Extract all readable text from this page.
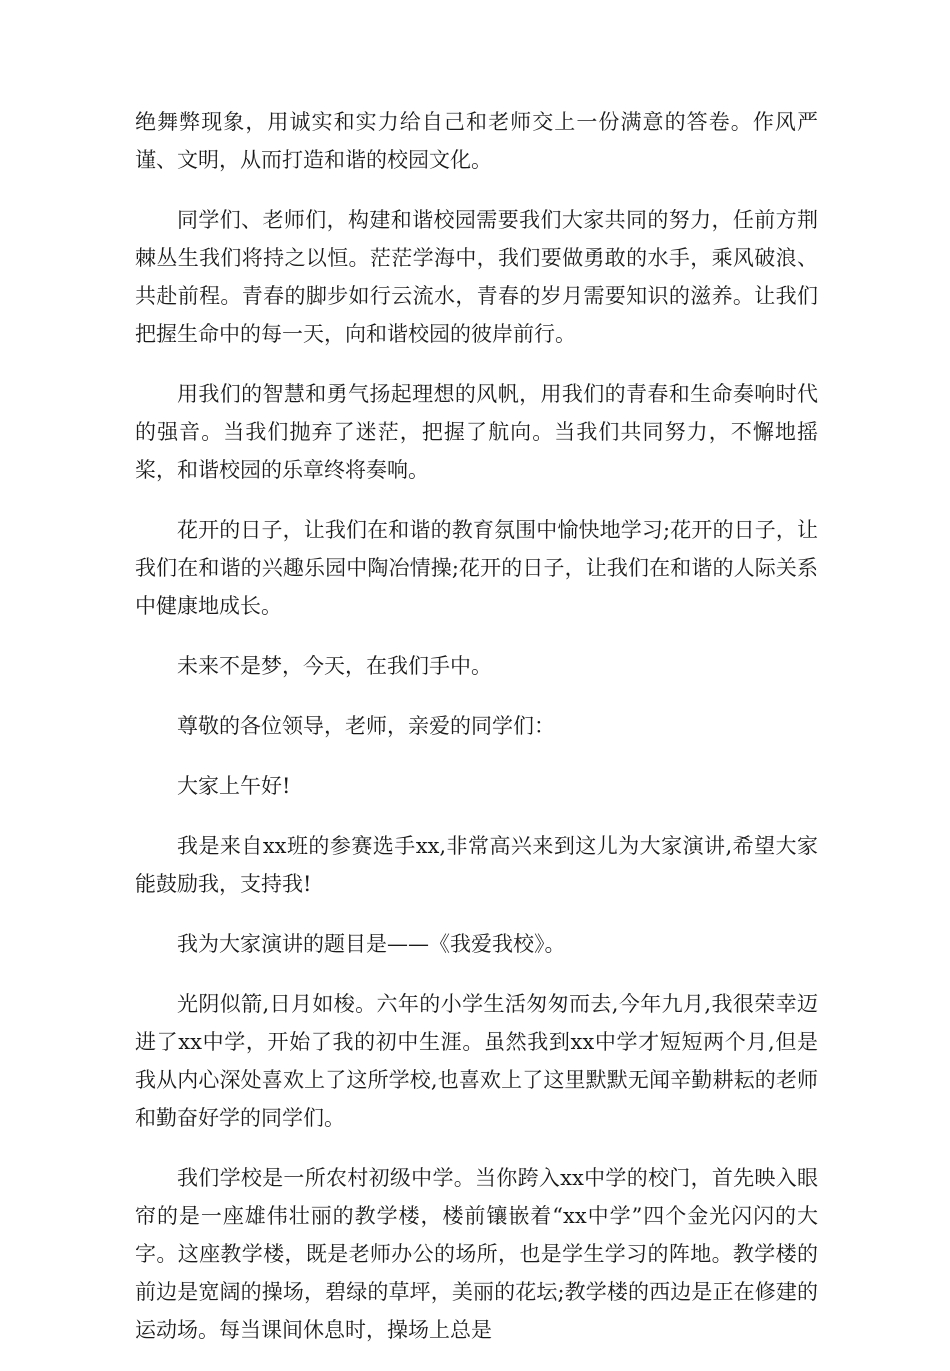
绝舞弊现象，用诚实和实力给自己和老师交上一份满意的答卷。作风严谨、文明，从而打造和谐的校园文化。

同学们、老师们，构建和谐校园需要我们大家共同的努力，任前方荆棘丛生我们将持之以恒。茫茫学海中，我们要做勇敢的水手，乘风破浪、共赴前程。青春的脚步如行云流水，青春的岁月需要知识的滋养。让我们把握生命中的每一天，向和谐校园的彼岸前行。

用我们的智慧和勇气扬起理想的风帆，用我们的青春和生命奏响时代的强音。当我们抛弃了迷茫，把握了航向。当我们共同努力，不懈地摇桨，和谐校园的乐章终将奏响。

花开的日子，让我们在和谐的教育氛围中愉快地学习;花开的日子，让我们在和谐的兴趣乐园中陶冶情操;花开的日子，让我们在和谐的人际关系中健康地成长。

未来不是梦，今天，在我们手中。

尊敬的各位领导，老师，亲爱的同学们：

大家上午好!

我是来自xx班的参赛选手xx,非常高兴来到这儿为大家演讲,希望大家能鼓励我，支持我!

我为大家演讲的题目是——《我爱我校》。

光阴似箭,日月如梭。六年的小学生活匆匆而去,今年九月,我很荣幸迈进了xx中学，开始了我的初中生涯。虽然我到xx中学才短短两个月,但是我从内心深处喜欢上了这所学校,也喜欢上了这里默默无闻辛勤耕耘的老师和勤奋好学的同学们。

我们学校是一所农村初级中学。当你跨入xx中学的校门，首先映入眼帘的是一座雄伟壮丽的教学楼，楼前镶嵌着“xx中学”四个金光闪闪的大字。这座教学楼，既是老师办公的场所，也是学生学习的阵地。教学楼的前边是宽阔的操场，碧绿的草坪，美丽的花坛;教学楼的西边是正在修建的运动场。每当课间休息时，操场上总是
